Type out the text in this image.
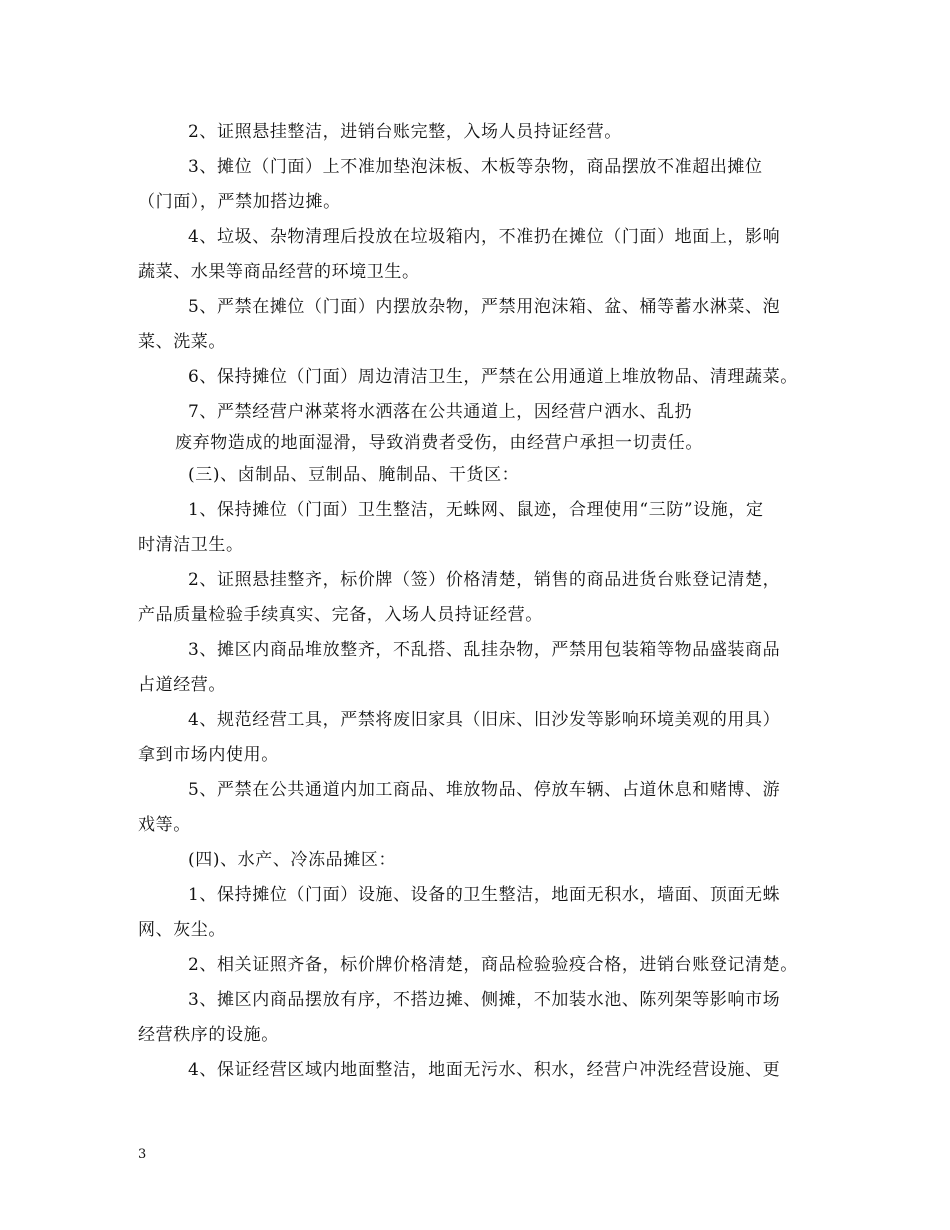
2、证照悬挂整洁，进销台账完整，入场人员持证经营。
3、摊位（门面）上不准加垫泡沫板、木板等杂物，商品摆放不准超出摊位
（门面），严禁加搭边摊。
4、垃圾、杂物清理后投放在垃圾箱内，不准扔在摊位（门面）地面上，影响
蔬菜、水果等商品经营的环境卫生。
5、严禁在摊位（门面）内摆放杂物，严禁用泡沫箱、盆、桶等蓄水淋菜、泡
菜、洗菜。
6、保持摊位（门面）周边清洁卫生，严禁在公用通道上堆放物品、清理蔬菜。
7、严禁经营户淋菜将水洒落在公共通道上，因经营户洒水、乱扔
废弃物造成的地面湿滑，导致消费者受伤，由经营户承担一切责任。
(三)、卤制品、豆制品、腌制品、干货区：
1、保持摊位（门面）卫生整洁，无蛛网、鼠迹，合理使用“三防”设施，定
时清洁卫生。
2、证照悬挂整齐，标价牌（签）价格清楚，销售的商品进货台账登记清楚，
产品质量检验手续真实、完备，入场人员持证经营。
3、摊区内商品堆放整齐，不乱搭、乱挂杂物，严禁用包装箱等物品盛装商品
占道经营。
4、规范经营工具，严禁将废旧家具（旧床、旧沙发等影响环境美观的用具）
拿到市场内使用。
5、严禁在公共通道内加工商品、堆放物品、停放车辆、占道休息和赌博、游
戏等。
(四)、水产、冷冻品摊区：
1、保持摊位（门面）设施、设备的卫生整洁，地面无积水，墙面、顶面无蛛
网、灰尘。
2、相关证照齐备，标价牌价格清楚，商品检验验疫合格，进销台账登记清楚。
3、摊区内商品摆放有序，不搭边摊、侧摊，不加装水池、陈列架等影响市场
经营秩序的设施。
4、保证经营区域内地面整洁，地面无污水、积水，经营户冲洗经营设施、更
3
